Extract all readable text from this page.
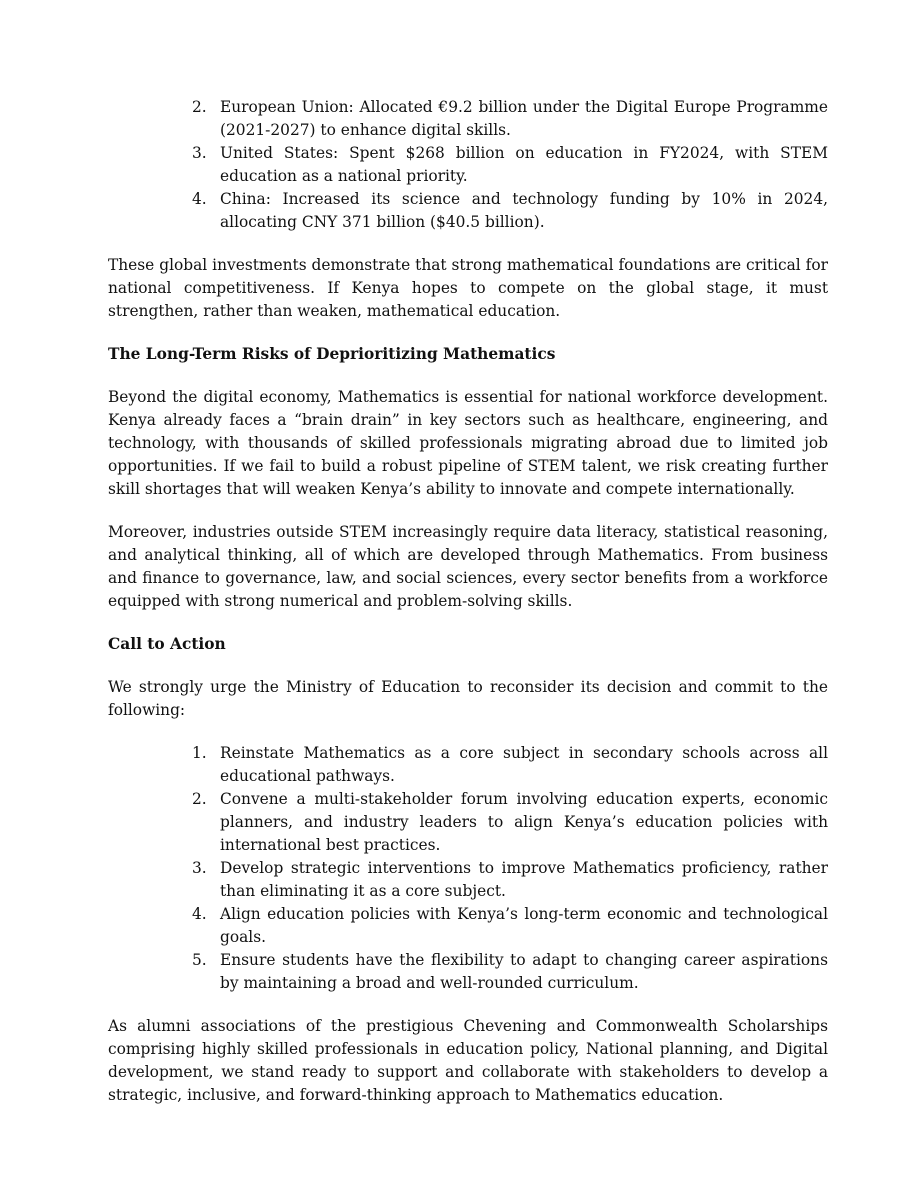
2. European Union: Allocated €9.2 billion under the Digital Europe Programme (2021-2027) to enhance digital skills.
3. United States: Spent $268 billion on education in FY2024, with STEM education as a national priority.
4. China: Increased its science and technology funding by 10% in 2024, allocating CNY 371 billion ($40.5 billion).

These global investments demonstrate that strong mathematical foundations are critical for national competitiveness. If Kenya hopes to compete on the global stage, it must strengthen, rather than weaken, mathematical education.

The Long-Term Risks of Deprioritizing Mathematics

Beyond the digital economy, Mathematics is essential for national workforce development. Kenya already faces a “brain drain” in key sectors such as healthcare, engineering, and technology, with thousands of skilled professionals migrating abroad due to limited job opportunities. If we fail to build a robust pipeline of STEM talent, we risk creating further skill shortages that will weaken Kenya’s ability to innovate and compete internationally.

Moreover, industries outside STEM increasingly require data literacy, statistical reasoning, and analytical thinking, all of which are developed through Mathematics. From business and finance to governance, law, and social sciences, every sector benefits from a workforce equipped with strong numerical and problem-solving skills.

Call to Action

We strongly urge the Ministry of Education to reconsider its decision and commit to the following:

1. Reinstate Mathematics as a core subject in secondary schools across all educational pathways.
2. Convene a multi-stakeholder forum involving education experts, economic planners, and industry leaders to align Kenya’s education policies with international best practices.
3. Develop strategic interventions to improve Mathematics proficiency, rather than eliminating it as a core subject.
4. Align education policies with Kenya’s long-term economic and technological goals.
5. Ensure students have the flexibility to adapt to changing career aspirations by maintaining a broad and well-rounded curriculum.

As alumni associations of the prestigious Chevening and Commonwealth Scholarships comprising highly skilled professionals in education policy, National planning, and Digital development, we stand ready to support and collaborate with stakeholders to develop a strategic, inclusive, and forward-thinking approach to Mathematics education.
